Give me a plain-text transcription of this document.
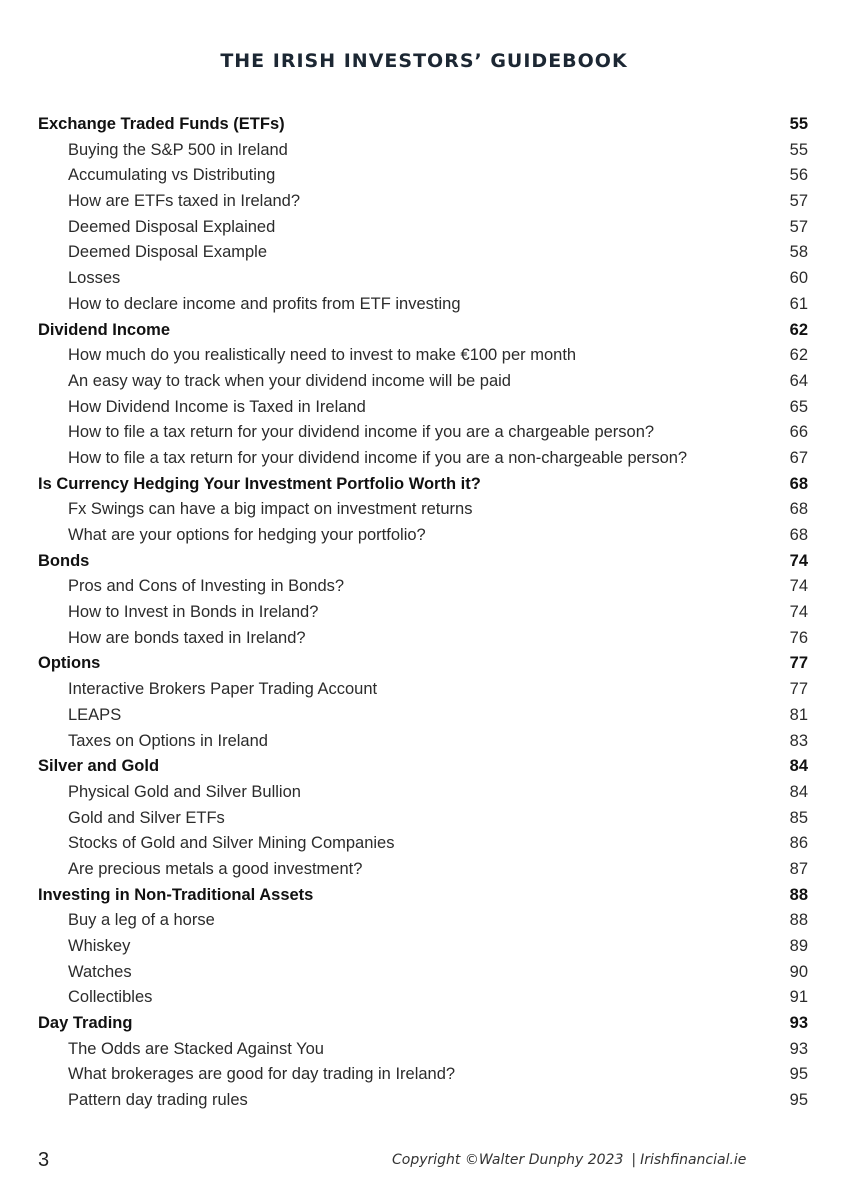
THE IRISH INVESTORS’ GUIDEBOOK
Exchange Traded Funds (ETFs)	55
Buying the S&P 500 in Ireland	55
Accumulating vs Distributing	56
How are ETFs taxed in Ireland?	57
Deemed Disposal Explained	57
Deemed Disposal Example	58
Losses	60
How to declare income and profits from ETF investing	61
Dividend Income	62
How much do you realistically need to invest to make €100 per month	62
An easy way to track when your dividend income will be paid	64
How Dividend Income is Taxed in Ireland	65
How to file a tax return for your dividend income if you are a chargeable person?	66
How to file a tax return for your dividend income if you are a non-chargeable person?	67
Is Currency Hedging Your Investment Portfolio Worth it?	68
Fx Swings can have a big impact on investment returns	68
What are your options for hedging your portfolio?	68
Bonds	74
Pros and Cons of Investing in Bonds?	74
How to Invest in Bonds in Ireland?	74
How are bonds taxed in Ireland?	76
Options	77
Interactive Brokers Paper Trading Account	77
LEAPS	81
Taxes on Options in Ireland	83
Silver and Gold	84
Physical Gold and Silver Bullion	84
Gold and Silver ETFs	85
Stocks of Gold and Silver Mining Companies	86
Are precious metals a good investment?	87
Investing in Non-Traditional Assets	88
Buy a leg of a horse	88
Whiskey	89
Watches	90
Collectibles	91
Day Trading	93
The Odds are Stacked Against You	93
What brokerages are good for day trading in Ireland?	95
Pattern day trading rules	95
3	Copyright ©Walter Dunphy 2023 | Irishfinancial.ie
